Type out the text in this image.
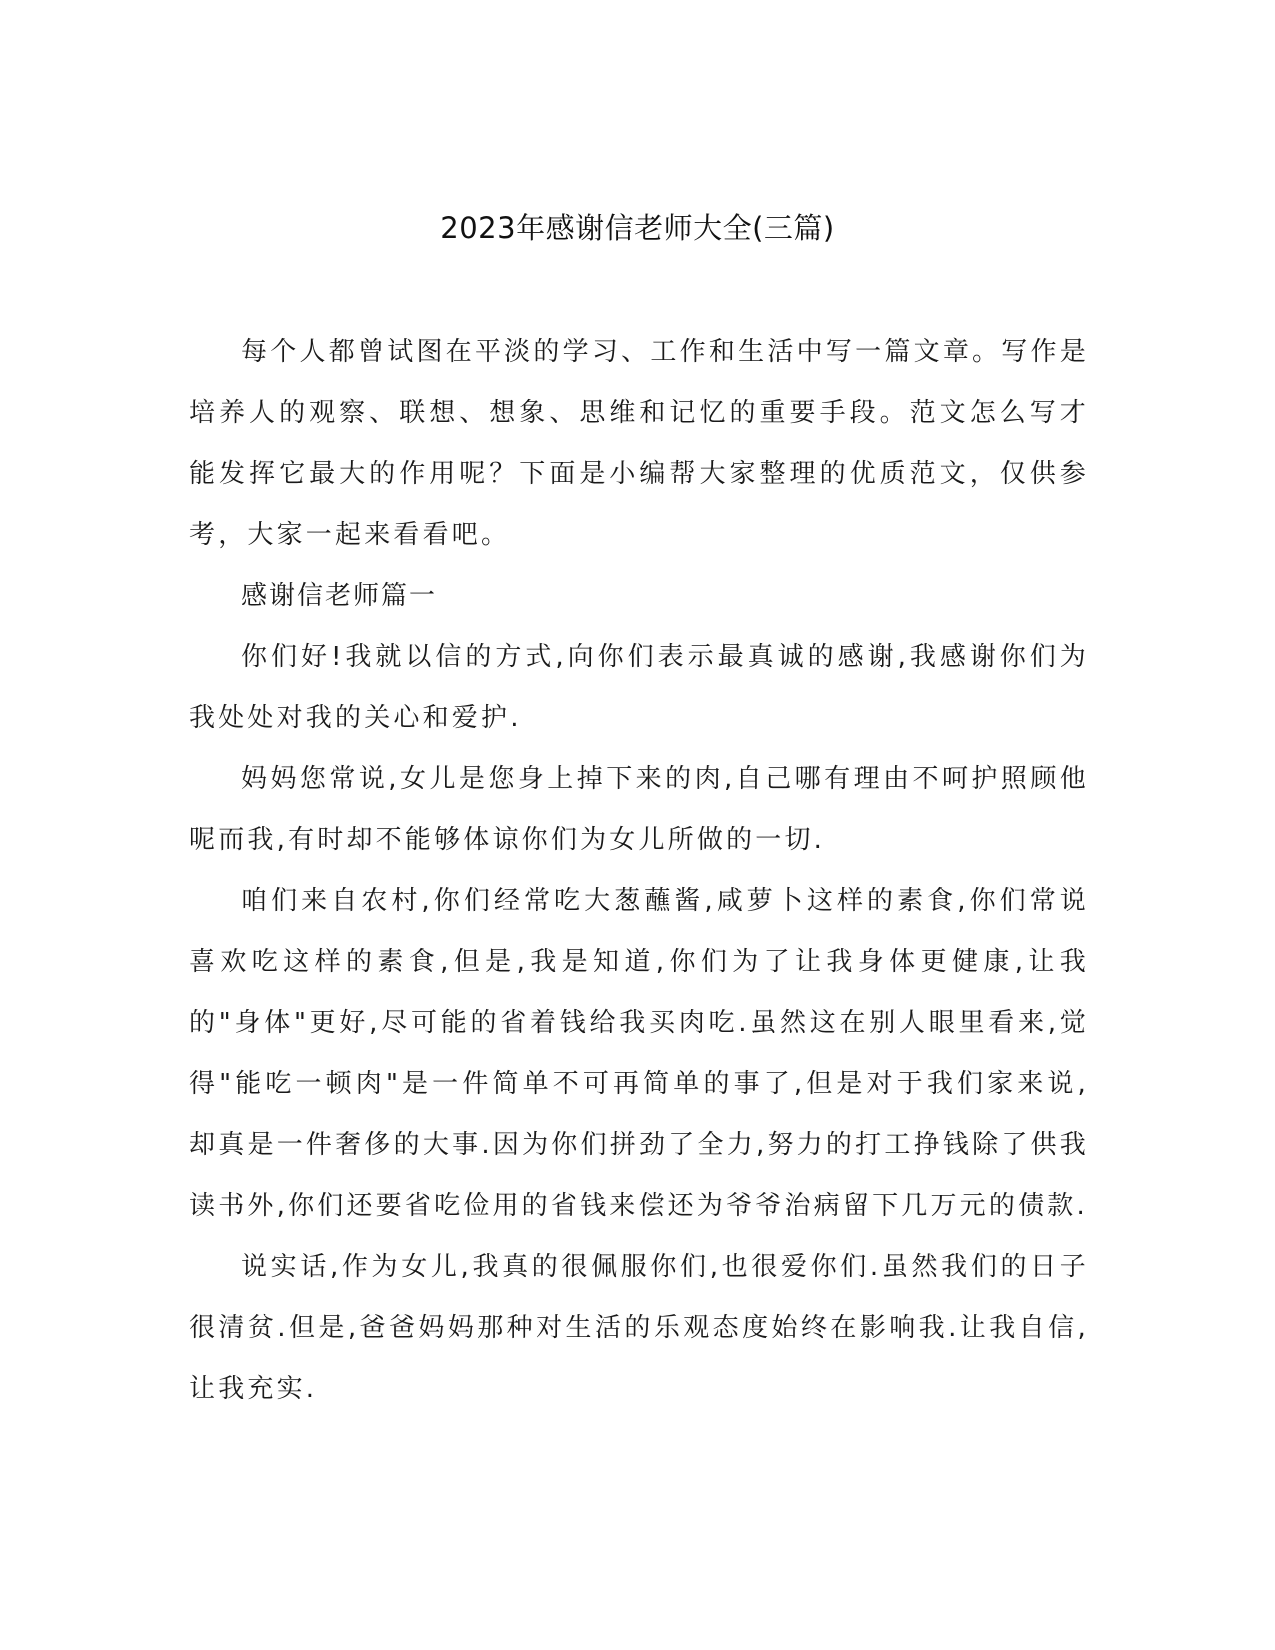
2023年感谢信老师大全(三篇)

每个人都曾试图在平淡的学习、工作和生活中写一篇文章。写作是培养人的观察、联想、想象、思维和记忆的重要手段。范文怎么写才能发挥它最大的作用呢？下面是小编帮大家整理的优质范文，仅供参考，大家一起来看看吧。

感谢信老师篇一

你们好!我就以信的方式,向你们表示最真诚的感谢,我感谢你们为我处处对我的关心和爱护.

妈妈您常说,女儿是您身上掉下来的肉,自己哪有理由不呵护照顾他呢而我,有时却不能够体谅你们为女儿所做的一切.

咱们来自农村,你们经常吃大葱蘸酱,咸萝卜这样的素食,你们常说喜欢吃这样的素食,但是,我是知道,你们为了让我身体更健康,让我的"身体"更好,尽可能的省着钱给我买肉吃.虽然这在别人眼里看来,觉得"能吃一顿肉"是一件简单不可再简单的事了,但是对于我们家来说,却真是一件奢侈的大事.因为你们拼劲了全力,努力的打工挣钱除了供我读书外,你们还要省吃俭用的省钱来偿还为爷爷治病留下几万元的债款.

说实话,作为女儿,我真的很佩服你们,也很爱你们.虽然我们的日子很清贫.但是,爸爸妈妈那种对生活的乐观态度始终在影响我.让我自信,让我充实.
